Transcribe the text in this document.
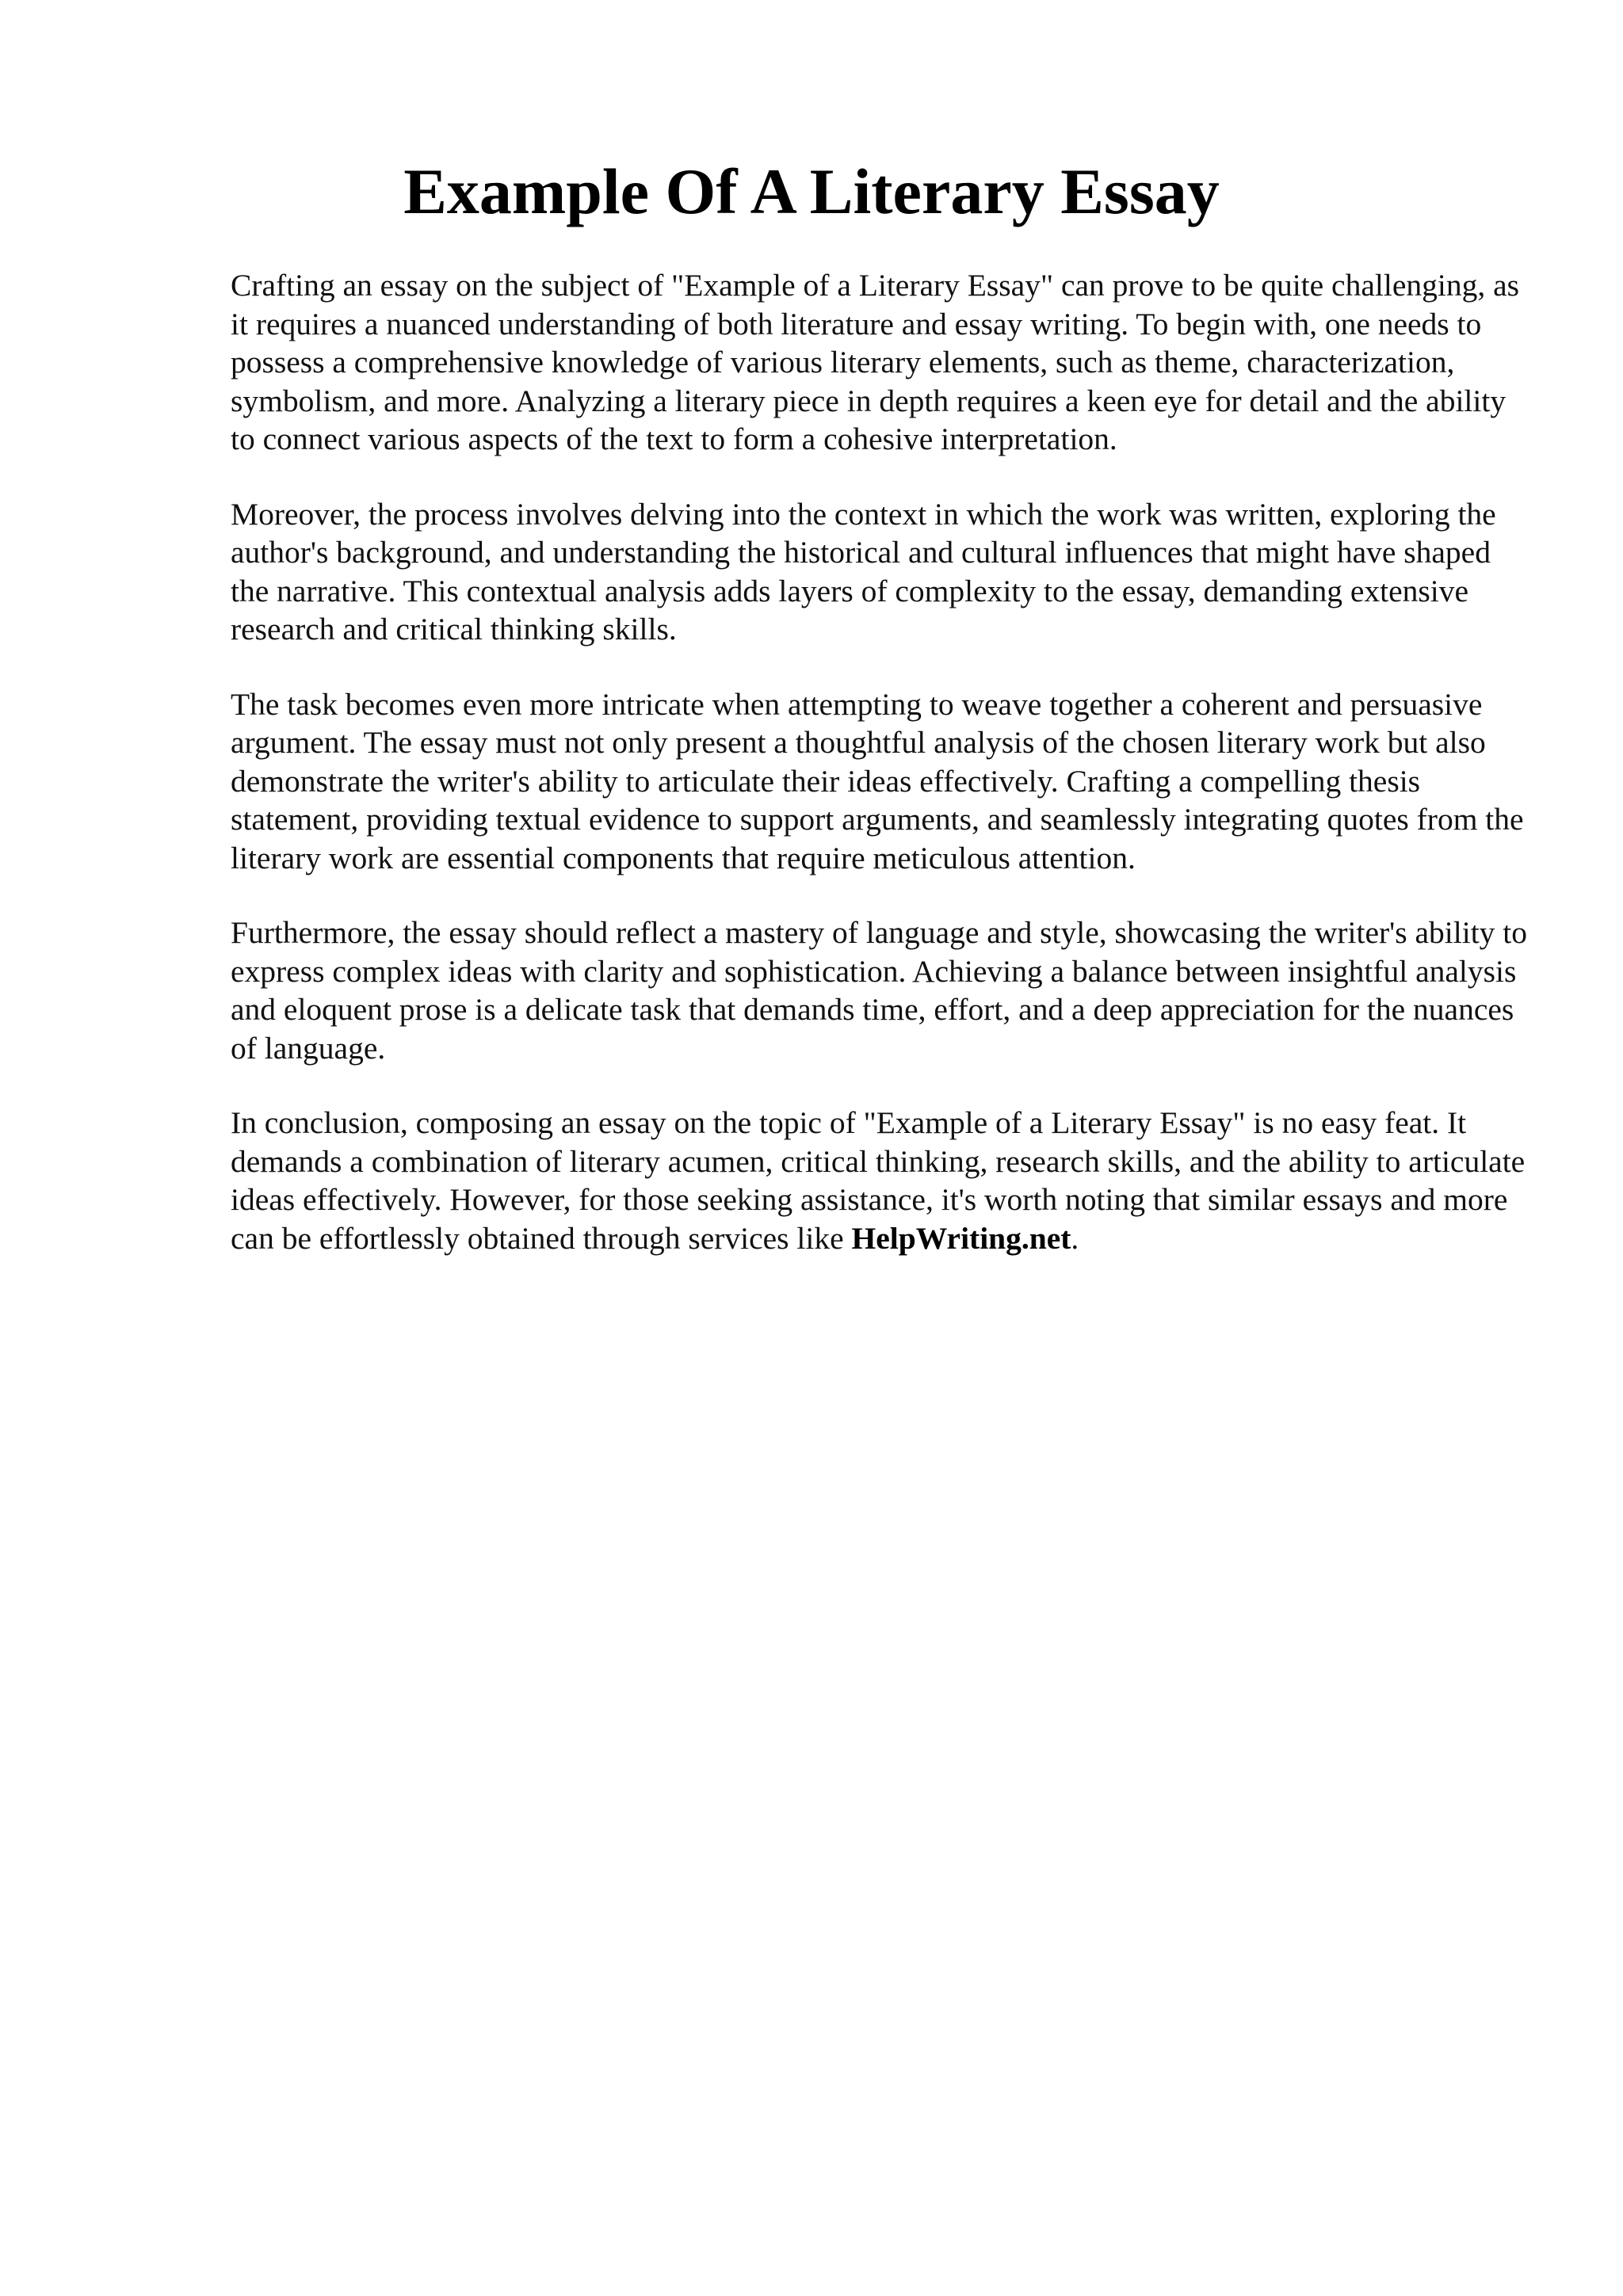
Example Of A Literary Essay

Crafting an essay on the subject of "Example of a Literary Essay" can prove to be quite challenging, as it requires a nuanced understanding of both literature and essay writing. To begin with, one needs to possess a comprehensive knowledge of various literary elements, such as theme, characterization, symbolism, and more. Analyzing a literary piece in depth requires a keen eye for detail and the ability to connect various aspects of the text to form a cohesive interpretation.

Moreover, the process involves delving into the context in which the work was written, exploring the author's background, and understanding the historical and cultural influences that might have shaped the narrative. This contextual analysis adds layers of complexity to the essay, demanding extensive research and critical thinking skills.

The task becomes even more intricate when attempting to weave together a coherent and persuasive argument. The essay must not only present a thoughtful analysis of the chosen literary work but also demonstrate the writer's ability to articulate their ideas effectively. Crafting a compelling thesis statement, providing textual evidence to support arguments, and seamlessly integrating quotes from the literary work are essential components that require meticulous attention.

Furthermore, the essay should reflect a mastery of language and style, showcasing the writer's ability to express complex ideas with clarity and sophistication. Achieving a balance between insightful analysis and eloquent prose is a delicate task that demands time, effort, and a deep appreciation for the nuances of language.

In conclusion, composing an essay on the topic of "Example of a Literary Essay" is no easy feat. It demands a combination of literary acumen, critical thinking, research skills, and the ability to articulate ideas effectively. However, for those seeking assistance, it's worth noting that similar essays and more can be effortlessly obtained through services like HelpWriting.net.
